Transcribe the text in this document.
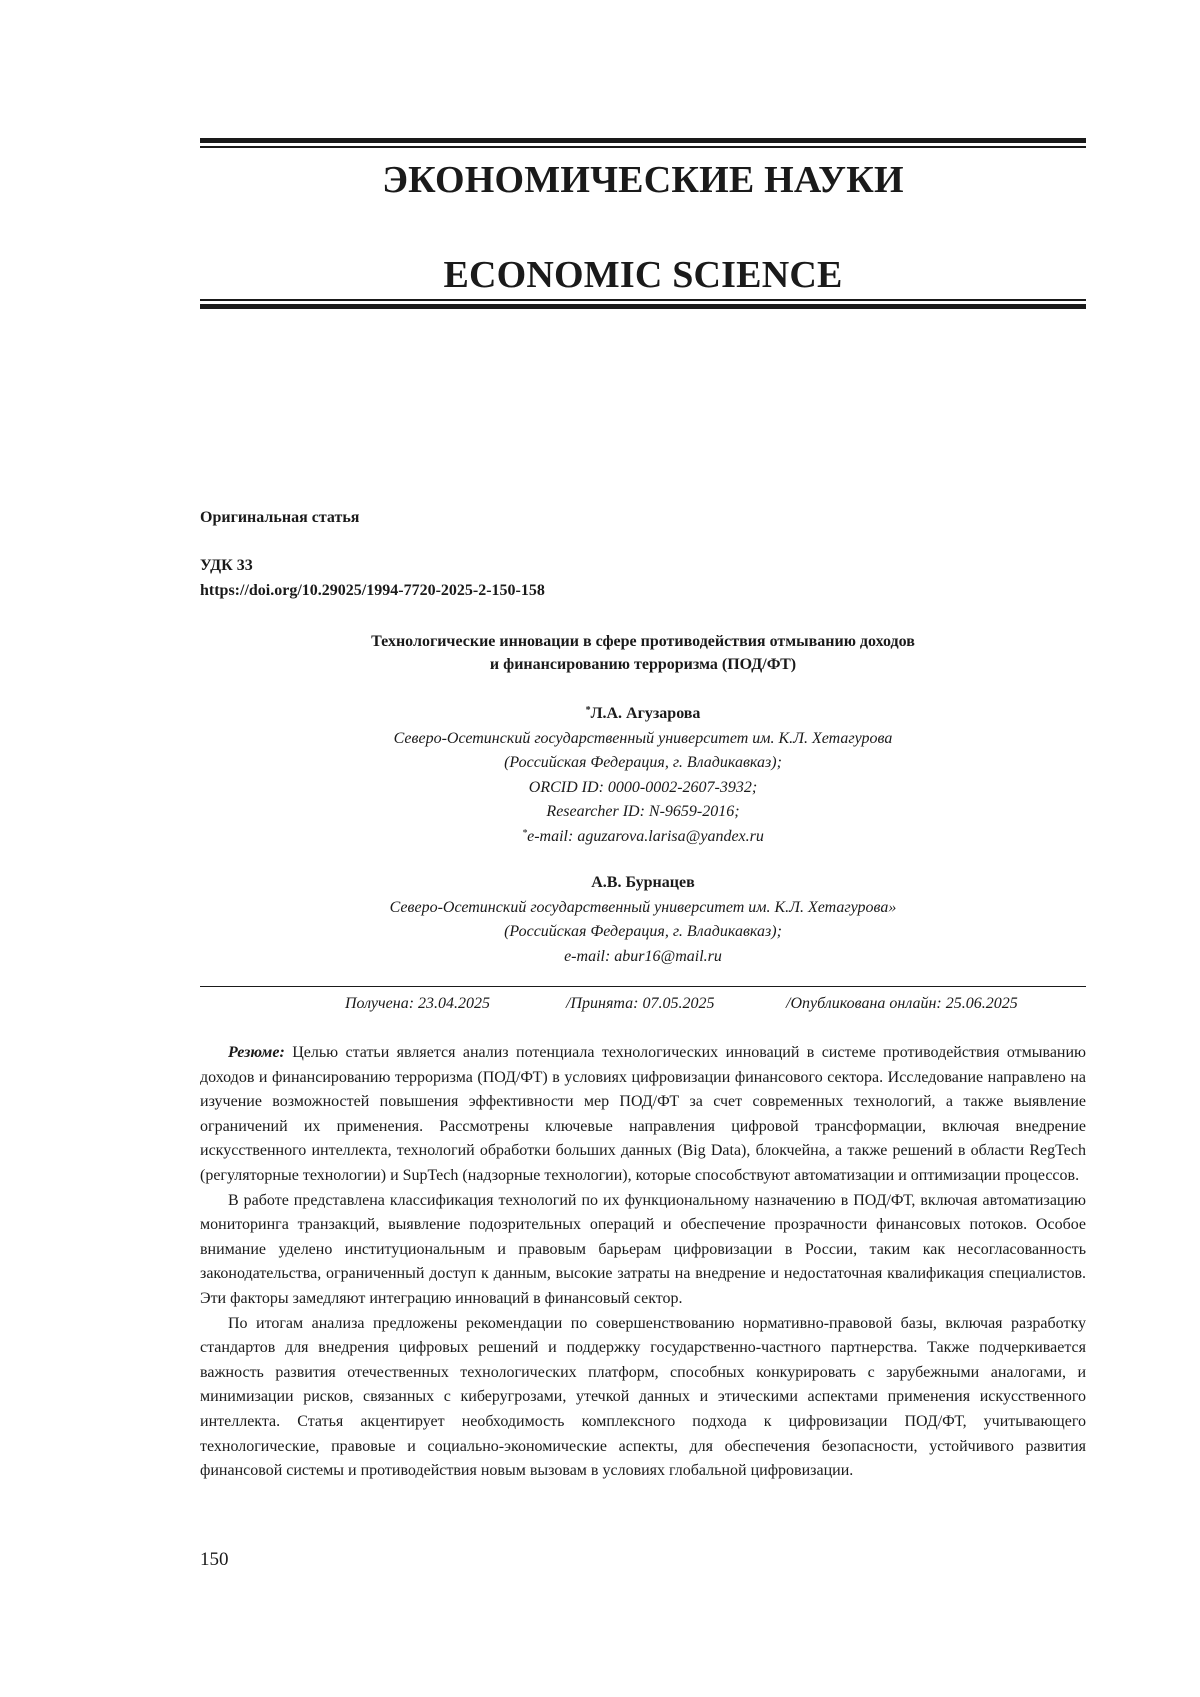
ЭКОНОМИЧЕСКИЕ НАУКИ
ECONOMIC SCIENCE
Оригинальная статья
УДК 33
https://doi.org/10.29025/1994-7720-2025-2-150-158
Технологические инновации в сфере противодействия отмыванию доходов
и финансированию терроризма (ПОД/ФТ)
*Л.А. Агузарова
Северо-Осетинский государственный университет им. К.Л. Хетагурова
(Российская Федерация, г. Владикавказ);
ORCID ID: 0000-0002-2607-3932;
Researcher ID: N-9659-2016;
*e-mail: aguzarova.larisa@yandex.ru
А.В. Бурнацев
Северо-Осетинский государственный университет им. К.Л. Хетагурова»
(Российская Федерация, г. Владикавказ);
e-mail: abur16@mail.ru
Получена: 23.04.2025	/Принята: 07.05.2025	/Опубликована онлайн: 25.06.2025

Резюме: Целью статьи является анализ потенциала технологических инноваций в системе противодействия отмыванию доходов и финансированию терроризма (ПОД/ФТ) в условиях цифровизации финансового сектора. Исследование направлено на изучение возможностей повышения эффективности мер ПОД/ФТ за счет современных технологий, а также выявление ограничений их применения. Рассмотрены ключевые направления цифровой трансформации, включая внедрение искусственного интеллекта, технологий обработки больших данных (Big Data), блокчейна, а также решений в области RegTech (регуляторные технологии) и SupTech (надзорные технологии), которые способствуют автоматизации и оптимизации процессов.

В работе представлена классификация технологий по их функциональному назначению в ПОД/ФТ, включая автоматизацию мониторинга транзакций, выявление подозрительных операций и обеспечение прозрачности финансовых потоков. Особое внимание уделено институциональным и правовым барьерам цифровизации в России, таким как несогласованность законодательства, ограниченный доступ к данным, высокие затраты на внедрение и недостаточная квалификация специалистов. Эти факторы замедляют интеграцию инноваций в финансовый сектор.

По итогам анализа предложены рекомендации по совершенствованию нормативно-правовой базы, включая разработку стандартов для внедрения цифровых решений и поддержку государственно-частного партнерства. Также подчеркивается важность развития отечественных технологических платформ, способных конкурировать с зарубежными аналогами, и минимизации рисков, связанных с киберугрозами, утечкой данных и этическими аспектами применения искусственного интеллекта. Статья акцентирует необходимость комплексного подхода к цифровизации ПОД/ФТ, учитывающего технологические, правовые и социально-экономические аспекты, для обеспечения безопасности, устойчивого развития финансовой системы и противодействия новым вызовам в условиях глобальной цифровизации.

150
